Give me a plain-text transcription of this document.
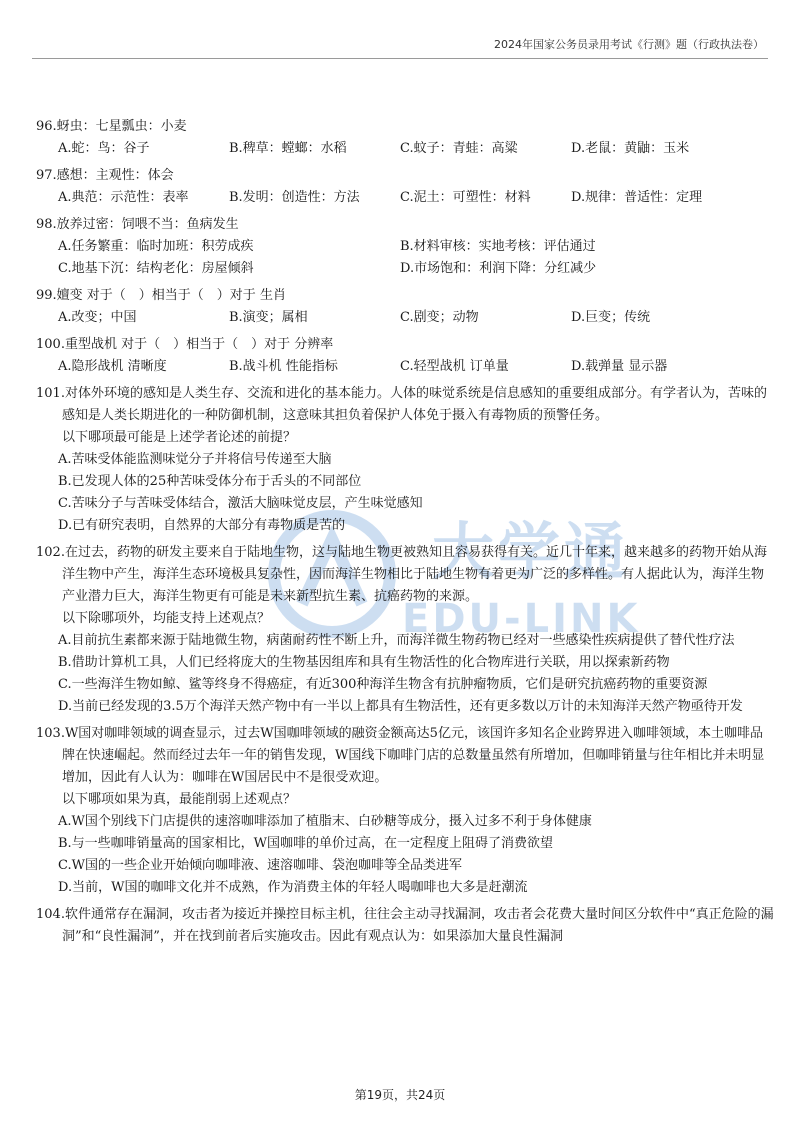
2024年国家公务员录用考试《行测》题（行政执法卷）
大学通
EDU-LINK
96.蚜虫：七星瓢虫：小麦
A.蛇：鸟：谷子	B.稗草：螳螂：水稻	C.蚊子：青蛙：高粱	D.老鼠：黄鼬：玉米
97.感想：主观性：体会
A.典范：示范性：表率	B.发明：创造性：方法	C.泥土：可塑性：材料	D.规律：普适性：定理
98.放养过密：饲喂不当：鱼病发生
A.任务繁重：临时加班：积劳成疾	B.材料审核：实地考核：评估通过
C.地基下沉：结构老化：房屋倾斜	D.市场饱和：利润下降：分红减少
99.嬗变 对于（　）相当于（　）对于 生肖
A.改变；中国	B.演变；属相	C.剧变；动物	D.巨变；传统
100.重型战机 对于（　）相当于（　）对于 分辨率
A.隐形战机 清晰度	B.战斗机 性能指标	C.轻型战机 订单量	D.载弹量 显示器
101.对体外环境的感知是人类生存、交流和进化的基本能力。人体的味觉系统是信息感知的重要组成部分。有学者认为，苦味的感知是人类长期进化的一种防御机制，这意味其担负着保护人体免于摄入有毒物质的预警任务。
以下哪项最可能是上述学者论述的前提？
A.苦味受体能监测味觉分子并将信号传递至大脑
B.已发现人体的25种苦味受体分布于舌头的不同部位
C.苦味分子与苦味受体结合，激活大脑味觉皮层，产生味觉感知
D.已有研究表明，自然界的大部分有毒物质是苦的
102.在过去，药物的研发主要来自于陆地生物，这与陆地生物更被熟知且容易获得有关。近几十年来，越来越多的药物开始从海洋生物中产生，海洋生态环境极具复杂性，因而海洋生物相比于陆地生物有着更为广泛的多样性。有人据此认为，海洋生物产业潜力巨大，海洋生物更有可能是未来新型抗生素、抗癌药物的来源。
以下除哪项外，均能支持上述观点？
A.目前抗生素都来源于陆地微生物，病菌耐药性不断上升，而海洋微生物药物已经对一些感染性疾病提供了替代性疗法
B.借助计算机工具，人们已经将庞大的生物基因组库和具有生物活性的化合物库进行关联，用以探索新药物
C.一些海洋生物如鲸、鲨等终身不得癌症，有近300种海洋生物含有抗肿瘤物质，它们是研究抗癌药物的重要资源
D.当前已经发现的3.5万个海洋天然产物中有一半以上都具有生物活性，还有更多数以万计的未知海洋天然产物亟待开发
103.W国对咖啡领域的调查显示，过去W国咖啡领域的融资金额高达5亿元，该国许多知名企业跨界进入咖啡领域，本土咖啡品牌在快速崛起。然而经过去年一年的销售发现，W国线下咖啡门店的总数量虽然有所增加，但咖啡销量与往年相比并未明显增加，因此有人认为：咖啡在W国居民中不是很受欢迎。
以下哪项如果为真，最能削弱上述观点？
A.W国个别线下门店提供的速溶咖啡添加了植脂末、白砂糖等成分，摄入过多不利于身体健康
B.与一些咖啡销量高的国家相比，W国咖啡的单价过高，在一定程度上阻碍了消费欲望
C.W国的一些企业开始倾向咖啡液、速溶咖啡、袋泡咖啡等全品类进军
D.当前，W国的咖啡文化并不成熟，作为消费主体的年轻人喝咖啡也大多是赶潮流
104.软件通常存在漏洞，攻击者为接近并操控目标主机，往往会主动寻找漏洞，攻击者会花费大量时间区分软件中“真正危险的漏洞”和“良性漏洞”，并在找到前者后实施攻击。因此有观点认为：如果添加大量良性漏洞
第19页，共24页
